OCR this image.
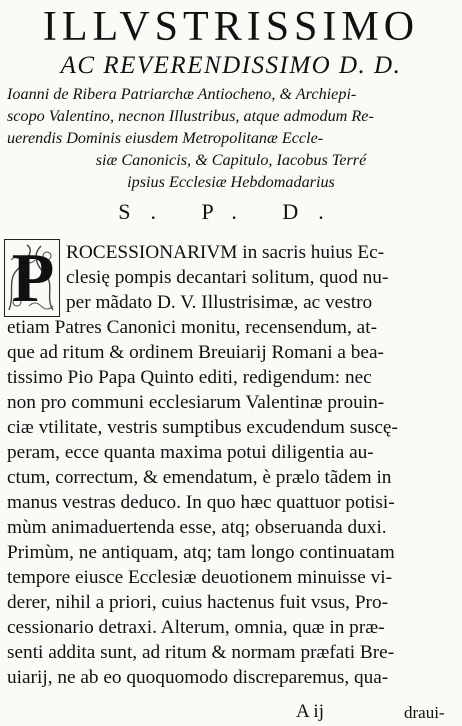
ILLVSTRISSIMO
AC REVERENDISSIMO D. D.
Ioanni de Ribera Patriarchæ Antiocheno, & Archiepi-
scopo Valentino, necnon Illustribus, atque admodum Re-
uerendis Dominis eiusdem Metropolitanæ Eccle-
siæ Canonicis, & Capitulo, Iacobus Terré
ipsius Ecclesiæ Hebdomadarius
S. P. D.
P ROCESSIONARIVM in sacris huius Ec-
clesię pompis decantari solitum, quod nu-
per mãdato D. V. Illustrisimæ, ac vestro
etiam Patres Canonici monitu, recensendum, at-
que ad ritum & ordinem Breuiarij Romani a bea-
tissimo Pio Papa Quinto editi, redigendum: nec
non pro communi ecclesiarum Valentinæ prouin-
ciæ vtilitate, vestris sumptibus excudendum suscę-
peram, ecce quanta maxima potui diligentia au-
ctum, correctum, & emendatum, è prælo tãdem in
manus vestras deduco. In quo hæc quattuor potisi-
mùm animaduertenda esse, atq; obseruanda duxi.
Primùm, ne antiquam, atq; tam longo continuatam
tempore eiusce Ecclesiæ deuotionem minuisse vi-
derer, nihil a priori, cuius hactenus fuit vsus, Pro-
cessionario detraxi. Alterum, omnia, quæ in præ-
senti addita sunt, ad ritum & normam præfati Bre-
uiarij, ne ab eo quoquomodo discreparemus, qua-
A ij	draui-
